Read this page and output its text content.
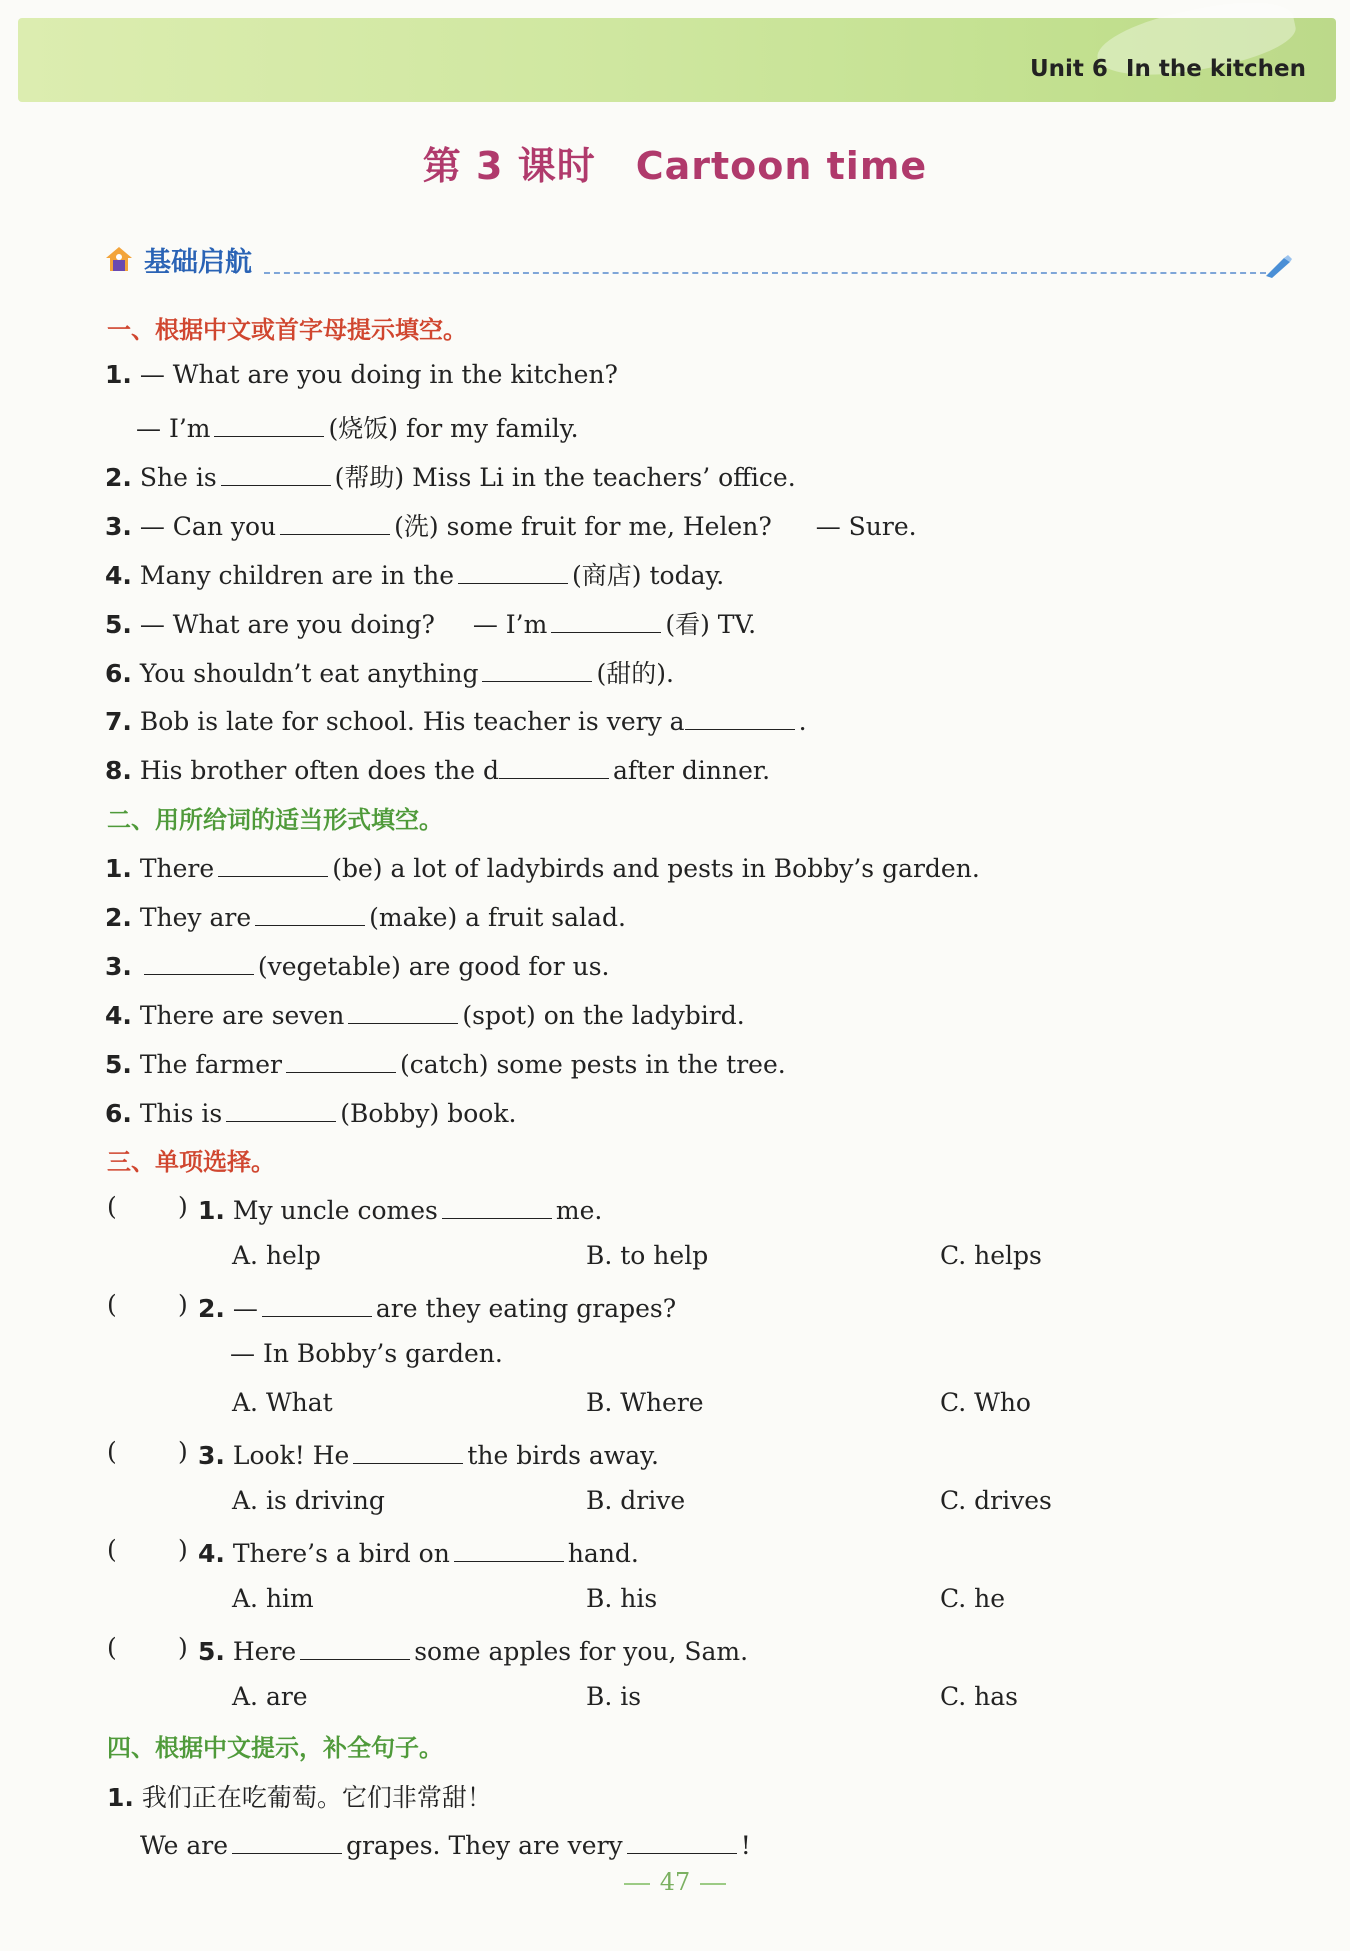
Unit 6 In the kitchen
第 3 课时 Cartoon time
基础启航
一、根据中文或首字母提示填空。
1. — What are you doing in the kitchen?
— I’m	(烧饭) for my family.
2. She is	(帮助) Miss Li in the teachers’ office.
3. — Can you	(洗) some fruit for me, Helen? — Sure.
4. Many children are in the	(商店) today.
5. — What are you doing? — I’m	(看) TV.
6. You shouldn’t eat anything	(甜的).
7. Bob is late for school. His teacher is very a	.
8. His brother often does the d	after dinner.
二、用所给词的适当形式填空。
1. There	(be) a lot of ladybirds and pests in Bobby’s garden.
2. They are	(make) a fruit salad.
3.	(vegetable) are good for us.
4. There are seven	(spot) on the ladybird.
5. The farmer	(catch) some pests in the tree.
6. This is	(Bobby) book.
三、单项选择。
( ) 1. My uncle comes	me.
A. help	B. to help	C. helps
( ) 2. —	are they eating grapes?
— In Bobby’s garden.
A. What	B. Where	C. Who
( ) 3. Look! He	the birds away.
A. is driving	B. drive	C. drives
( ) 4. There’s a bird on	hand.
A. him	B. his	C. he
( ) 5. Here	some apples for you, Sam.
A. are	B. is	C. has
四、根据中文提示，补全句子。
1. 我们正在吃葡萄。它们非常甜！
We are	grapes. They are very	!
47
